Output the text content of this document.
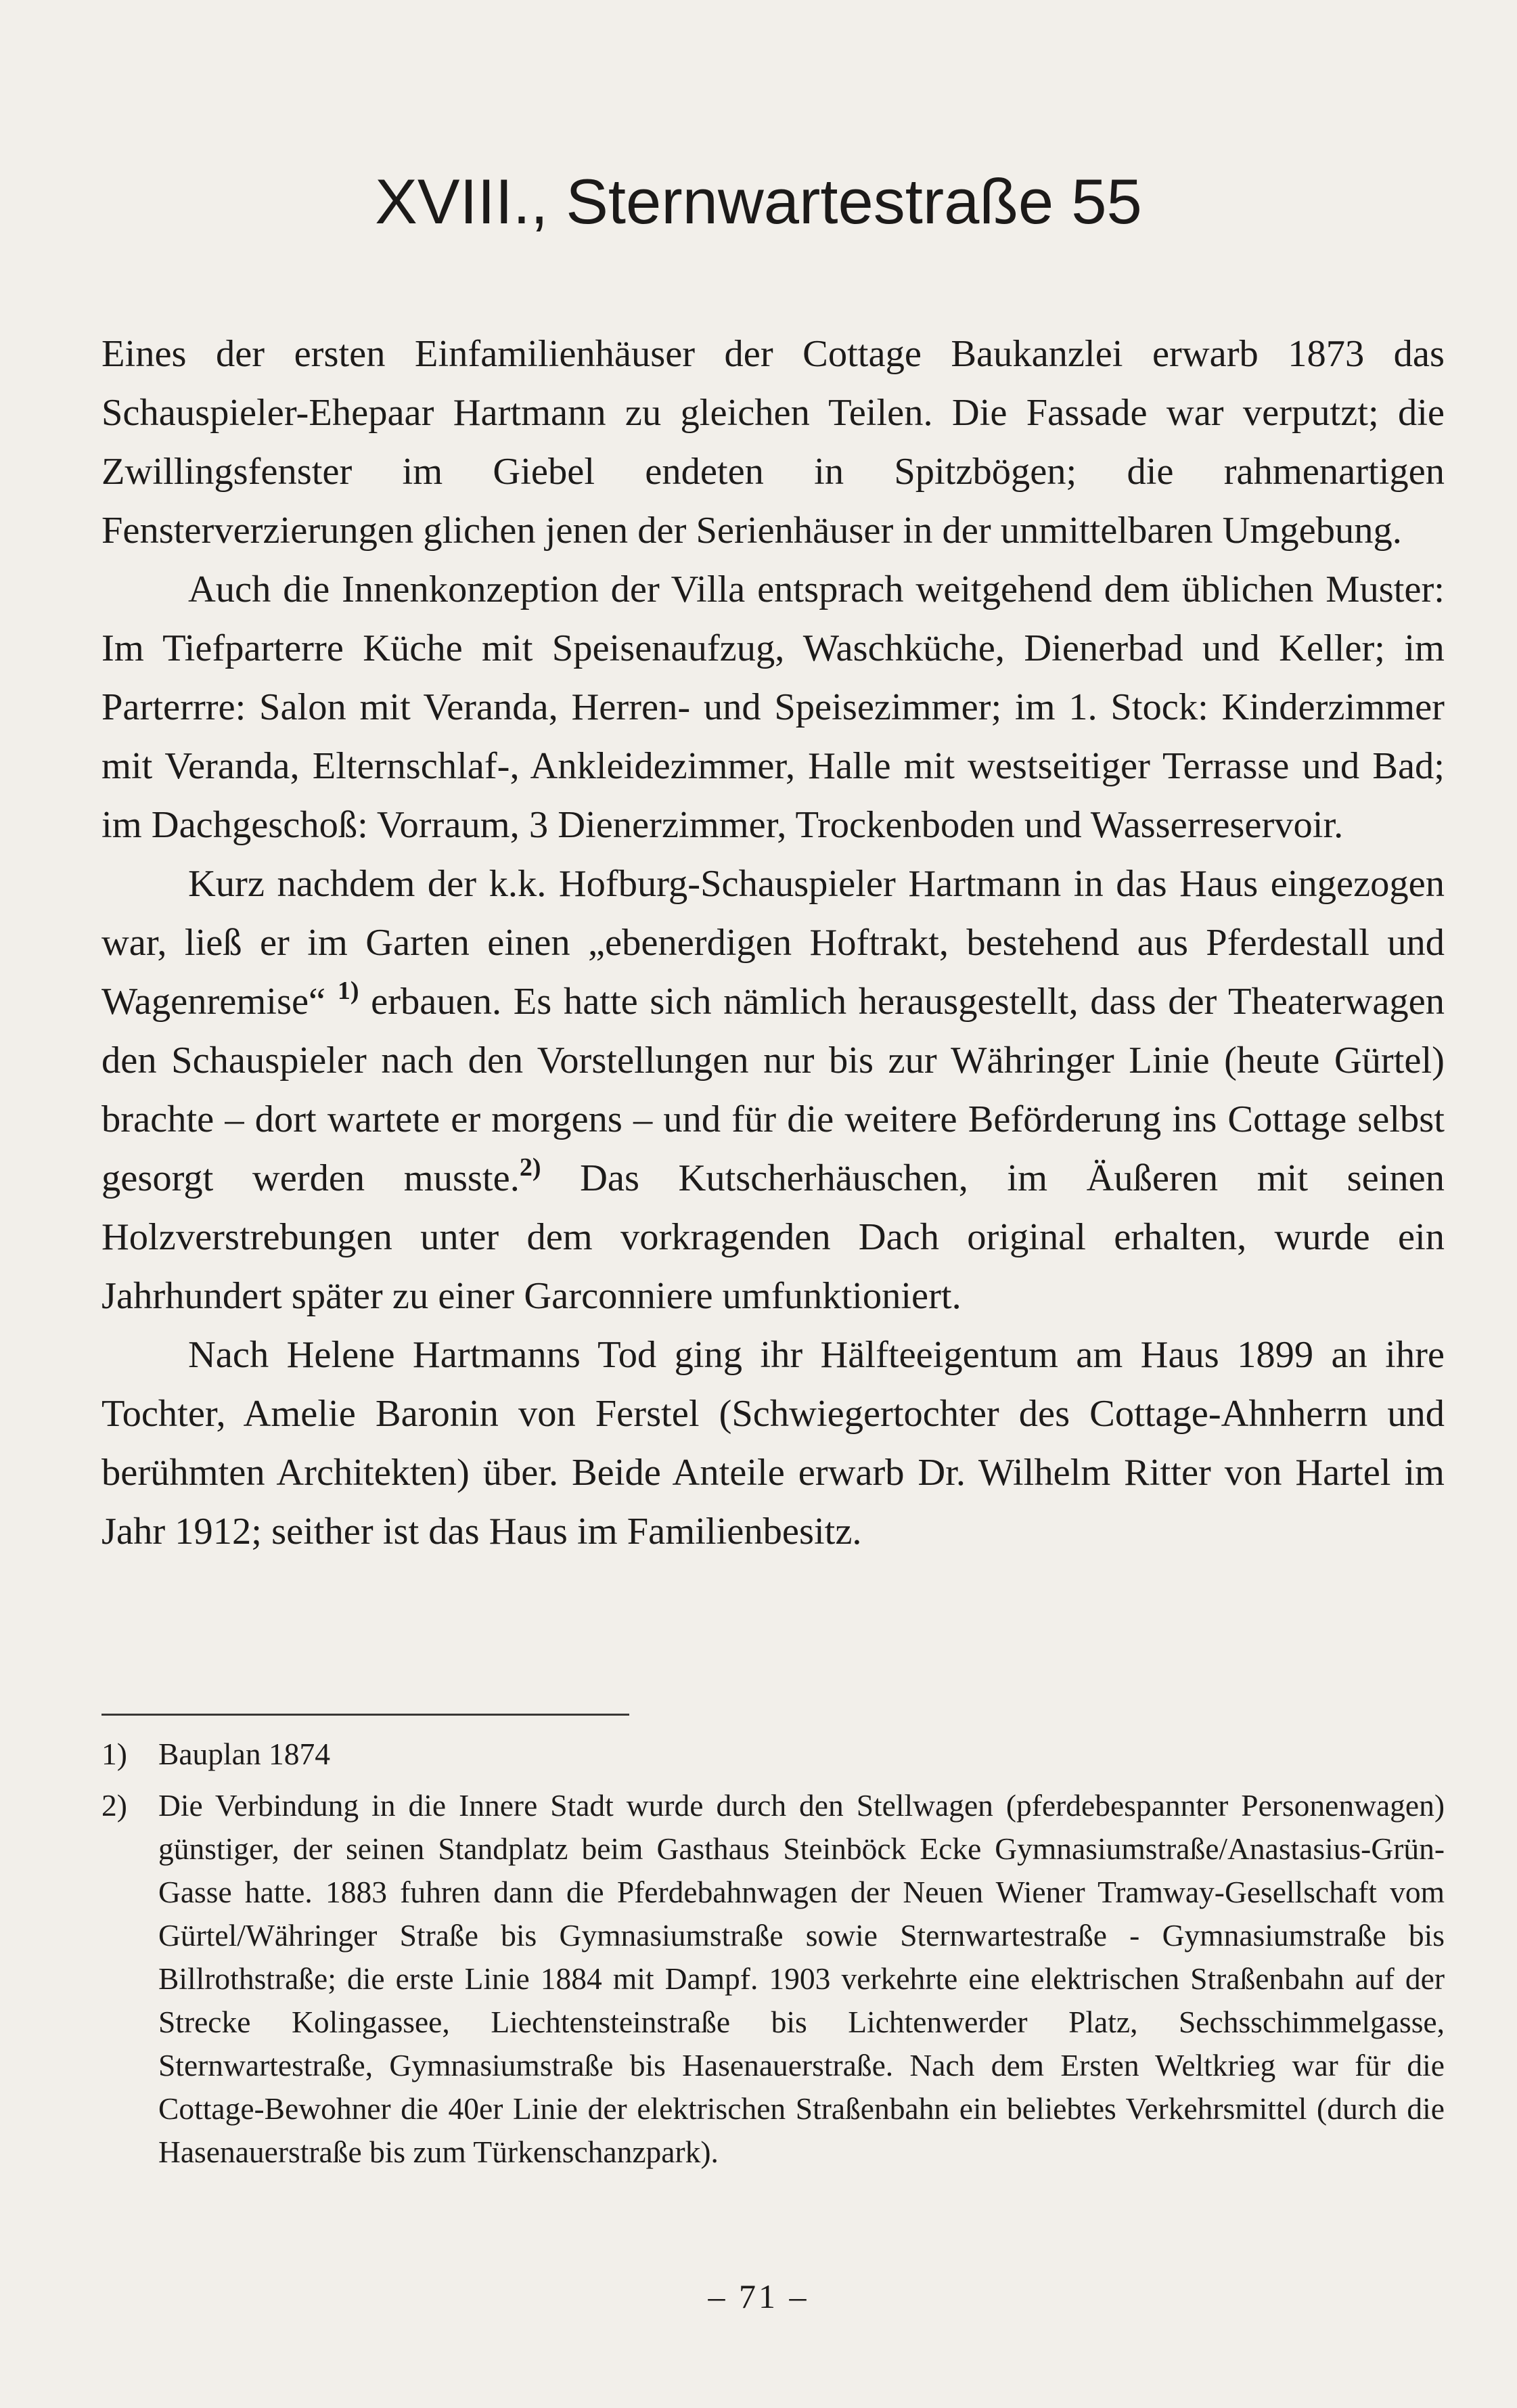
XVIII., Sternwartestraße 55

Eines der ersten Einfamilienhäuser der Cottage Baukanzlei erwarb 1873 das Schauspieler-Ehepaar Hartmann zu gleichen Teilen. Die Fassade war verputzt; die Zwillingsfenster im Giebel endeten in Spitzbögen; die rahmenartigen Fensterverzierungen glichen jenen der Serienhäuser in der unmittelbaren Umgebung.

Auch die Innenkonzeption der Villa entsprach weitgehend dem üblichen Muster: Im Tiefparterre Küche mit Speisenaufzug, Waschküche, Dienerbad und Keller; im Parterrre: Salon mit Veranda, Herren- und Speisezimmer; im 1. Stock: Kinderzimmer mit Veranda, Elternschlaf-, Ankleidezimmer, Halle mit westseitiger Terrasse und Bad; im Dachgeschoß: Vorraum, 3 Dienerzimmer, Trockenboden und Wasserreservoir.

Kurz nachdem der k.k. Hofburg-Schauspieler Hartmann in das Haus eingezogen war, ließ er im Garten einen „ebenerdigen Hoftrakt, bestehend aus Pferdestall und Wagenremise“ $^{1)}$ erbauen. Es hatte sich nämlich herausgestellt, dass der Theaterwagen den Schauspieler nach den Vorstellungen nur bis zur Währinger Linie (heute Gürtel) brachte – dort wartete er morgens – und für die weitere Beförderung ins Cottage selbst gesorgt werden musste.$^{2)}$ Das Kutscherhäuschen, im Äußeren mit seinen Holzverstrebungen unter dem vorkragenden Dach original erhalten, wurde ein Jahrhundert später zu einer Garconniere umfunktioniert.

Nach Helene Hartmanns Tod ging ihr Hälfteeigentum am Haus 1899 an ihre Tochter, Amelie Baronin von Ferstel (Schwiegertochter des Cottage-Ahnherrn und berühmten Architekten) über. Beide Anteile erwarb Dr. Wilhelm Ritter von Hartel im Jahr 1912; seither ist das Haus im Familienbesitz.

1)	Bauplan 1874
2)	Die Verbindung in die Innere Stadt wurde durch den Stellwagen (pferdebespannter Personenwagen) günstiger, der seinen Standplatz beim Gasthaus Steinböck Ecke Gymnasiumstraße/Anastasius-Grün-Gasse hatte. 1883 fuhren dann die Pferdebahnwagen der Neuen Wiener Tramway-Gesellschaft vom Gürtel/Währinger Straße bis Gymnasiumstraße sowie Sternwartestraße - Gymnasiumstraße bis Billrothstraße; die erste Linie 1884 mit Dampf. 1903 verkehrte eine elektrischen Straßenbahn auf der Strecke Kolingassee, Liechtensteinstraße bis Lichtenwerder Platz, Sechsschimmelgasse, Sternwartestraße, Gymnasiumstraße bis Hasenauerstraße. Nach dem Ersten Weltkrieg war für die Cottage-Bewohner die 40er Linie der elektrischen Straßenbahn ein beliebtes Verkehrsmittel (durch die Hasenauerstraße bis zum Türkenschanzpark).
– 71 –
